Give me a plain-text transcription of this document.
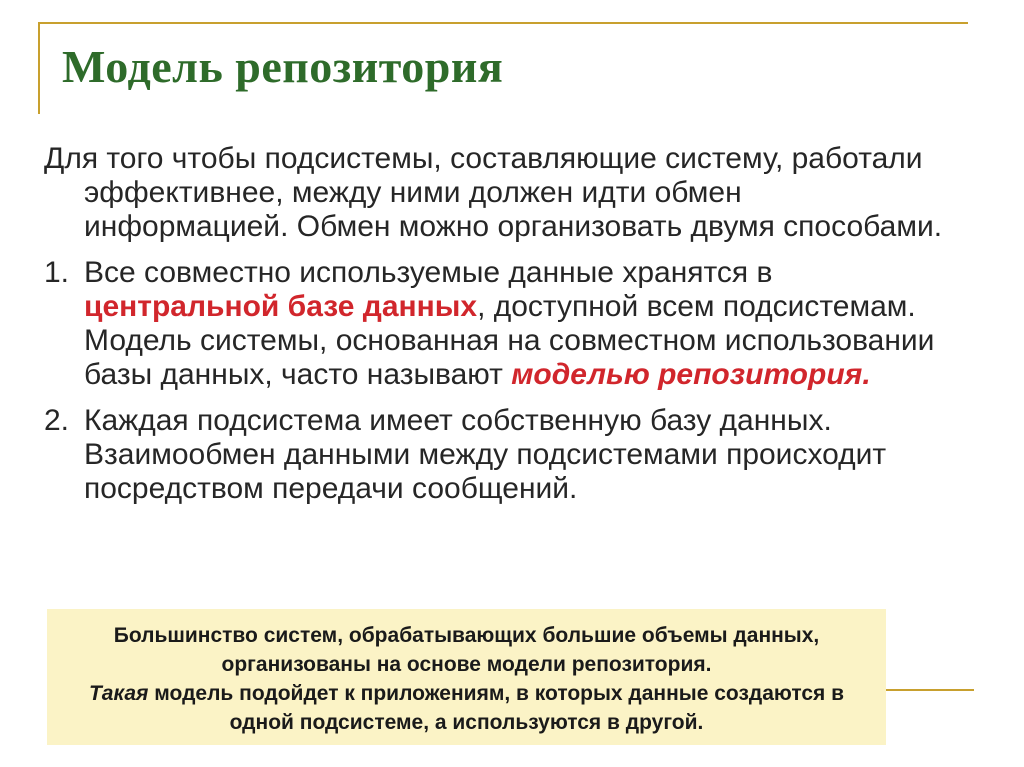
Модель репозитория

Для того чтобы подсистемы, составляющие систему, работали эффективнее, между ними должен идти обмен информацией. Обмен можно организовать двумя способами.

1. Все совместно используемые данные хранятся в центральной базе данных, доступной всем подсистемам. Модель системы, основанная на совместном использовании базы данных, часто называют моделью репозитория.
2. Каждая подсистема имеет собственную базу данных. Взаимообмен данными между подсистемами происходит посредством передачи сообщений.

Большинство систем, обрабатывающих большие объемы данных, организованы на основе модели репозитория.

Такая модель подойдет к приложениям, в которых данные создаются в одной подсистеме, а используются в другой.
